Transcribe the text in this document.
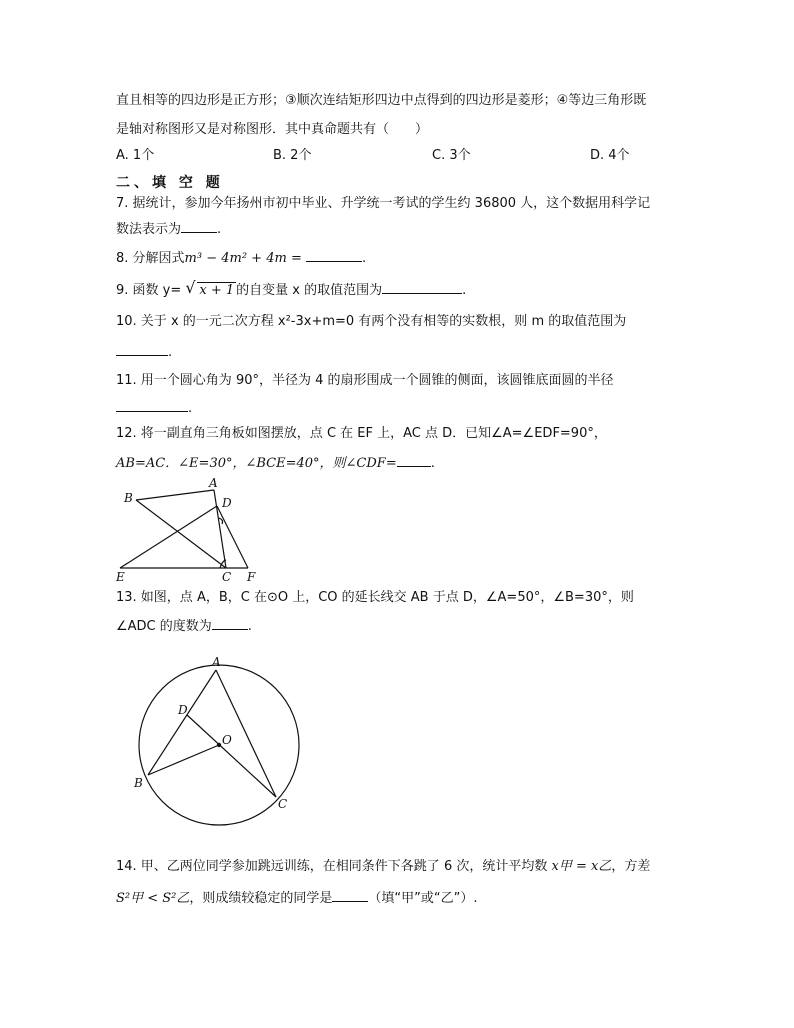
直且相等的四边形是正方形；③顺次连结矩形四边中点得到的四边形是菱形；④等边三角形既
是轴对称图形又是对称图形．其中真命题共有（　　）
A. 1个	B. 2个	C. 3个	D. 4个
二、填 空 题
7. 据统计，参加今年扬州市初中毕业、升学统一考试的学生约 36800 人，这个数据用科学记
数法表示为	.
8. 分解因式m³ − 4m² + 4m =	.
9. 函数 y= √ x + 1 的自变量 x 的取值范围为	.
10. 关于 x 的一元二次方程 x²-3x+m=0 有两个没有相等的实数根，则 m 的取值范围为
.
11. 用一个圆心角为 90°，半径为 4 的扇形围成一个圆锥的侧面，该圆锥底面圆的半径
.
12. 将一副直角三角板如图摆放，点 C 在 EF 上，AC 点 D．已知∠A=∠EDF=90°，
AB=AC．∠E=30°，∠BCE=40°，则∠CDF=	.
A
B	D
E	C F
A
D
O
B
C
13. 如图，点 A，B，C 在⊙O 上，CO 的延长线交 AB 于点 D，∠A=50°，∠B=30°，则
∠ADC 的度数为	.
14. 甲、乙两位同学参加跳远训练，在相同条件下各跳了 6 次，统计平均数 x甲 = x乙，方差
S²甲 < S²乙，则成绩较稳定的同学是	（填“甲”或“乙”）.
